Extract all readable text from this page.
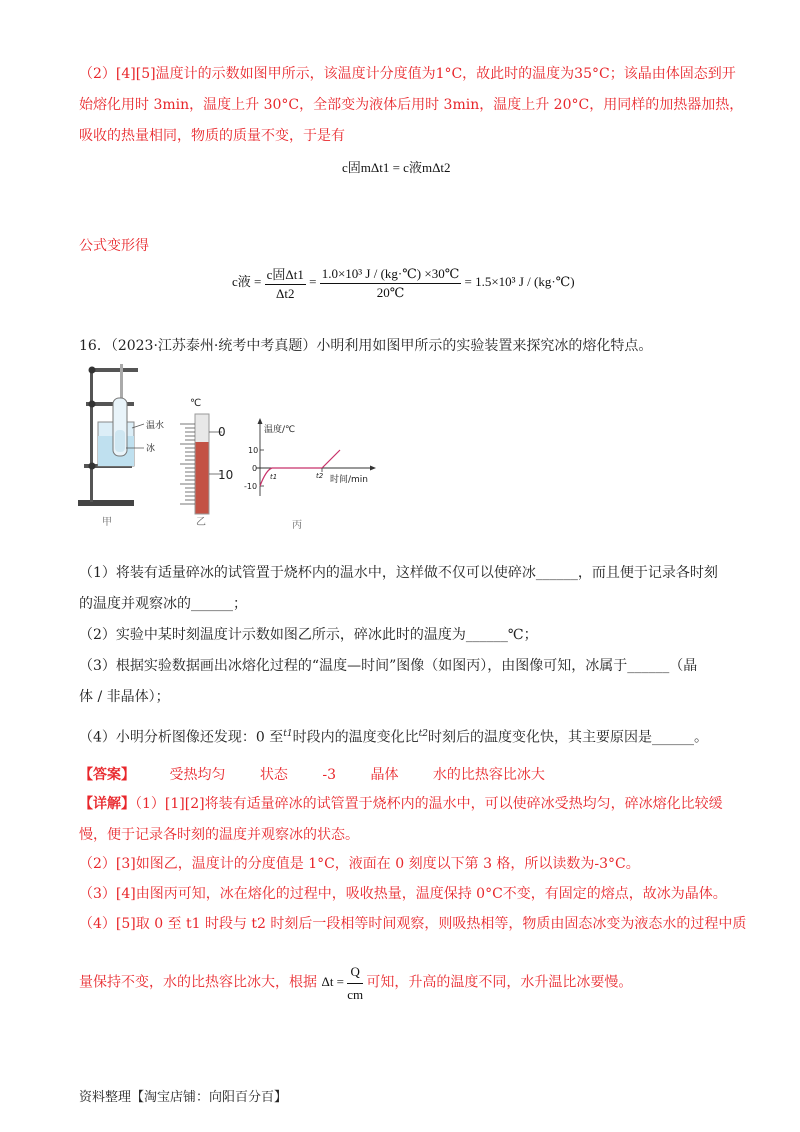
（2）[4][5]温度计的示数如图甲所示，该温度计分度值为1°C，故此时的温度为35°C；该晶由体固态到开
始熔化用时 3min，温度上升 30°C，全部变为液体后用时 3min，温度上升 20°C，用同样的加热器加热，
吸收的热量相同，物质的质量不变，于是有
c固mΔt1 = c液mΔt2
公式变形得
c液 = $\frac{\text{c固Δt1}}{\Delta t2} = \frac{\text{1.0×10³ J / (kg·℃) ×30℃}}{20℃} = 1.5\times 10^3$ J / (kg·℃)
16．（2023·江苏泰州·统考中考真题）小明利用如图甲所示的实验装置来探究冰的熔化特点。
温水
冰
甲
℃
0
10
乙
温度/℃
10
0
-10
t1	t2 时间/min
丙
（1）将装有适量碎冰的试管置于烧杯内的温水中，这样做不仅可以使碎冰______，而且便于记录各时刻
的温度并观察冰的______；
（2）实验中某时刻温度计示数如图乙所示，碎冰此时的温度为______℃；
（3）根据实验数据画出冰熔化过程的“温度—时间”图像（如图丙），由图像可知，冰属于______（晶
体 / 非晶体）；
（4）小明分析图像还发现：0 至$^{t1}$时段内的温度变化比$^{t2}$时刻后的温度变化快，其主要原因是______。
【答案】 受热均匀 状态 -3 晶体 水的比热容比冰大
【详解】（1）[1][2]将装有适量碎冰的试管置于烧杯内的温水中，可以使碎冰受热均匀，碎冰熔化比较缓
慢，便于记录各时刻的温度并观察冰的状态。
（2）[3]如图乙，温度计的分度值是 1°C，液面在 0 刻度以下第 3 格，所以读数为-3°C。
（3）[4]由图丙可知，冰在熔化的过程中，吸收热量，温度保持 0°C不变，有固定的熔点，故冰为晶体。
（4）[5]取 0 至 t1 时段与 t2 时刻后一段相等时间观察，则吸热相等，物质由固态冰变为液态水的过程中质
量保持不变，水的比热容比冰大，根据 $\Delta t = \frac{Q}{cm}$ 可知，升高的温度不同，水升温比冰要慢。
资料整理【淘宝店铺：向阳百分百】
